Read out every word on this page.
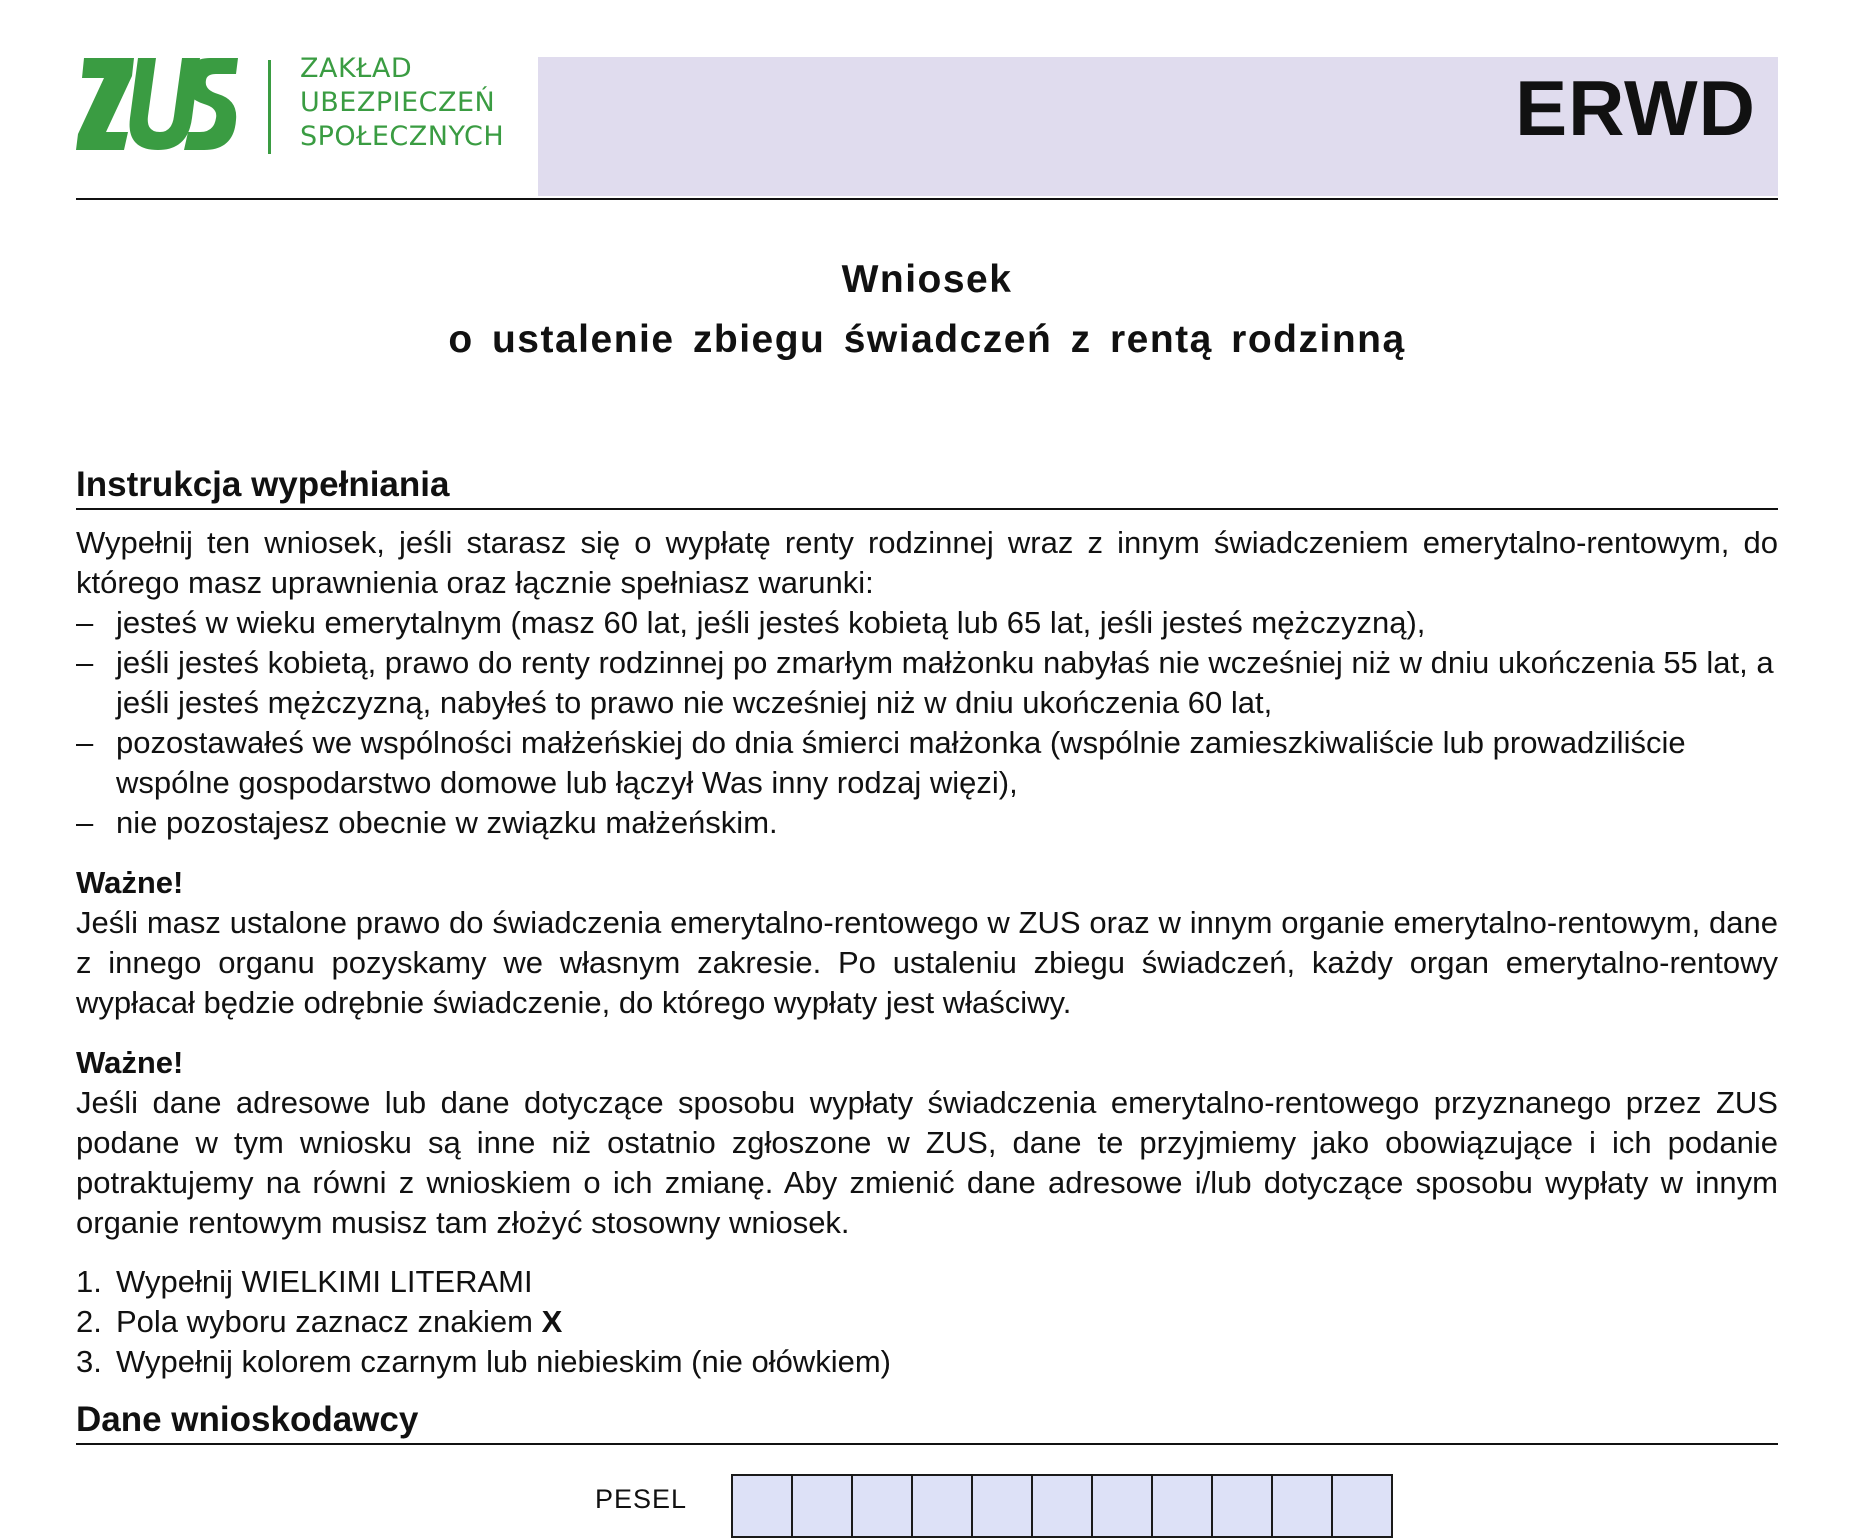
ZAKŁAD
UBEZPIECZEŃ
SPOŁECZNYCH	ERWD
Wniosek
o ustalenie zbiegu świadczeń z rentą rodzinną
Instrukcja wypełniania

Wypełnij ten wniosek, jeśli starasz się o wypłatę renty rodzinnej wraz z innym świadczeniem emerytalno-rentowym, do którego masz uprawnienia oraz łącznie spełniasz warunki:

– jesteś w wieku emerytalnym (masz 60 lat, jeśli jesteś kobietą lub 65 lat, jeśli jesteś mężczyzną),
– jeśli jesteś kobietą, prawo do renty rodzinnej po zmarłym małżonku nabyłaś nie wcześniej niż w dniu ukończenia 55 lat, a jeśli jesteś mężczyzną, nabyłeś to prawo nie wcześniej niż w dniu ukończenia 60 lat,
– pozostawałeś we wspólności małżeńskiej do dnia śmierci małżonka (wspólnie zamieszkiwaliście lub prowadziliście wspólne gospodarstwo domowe lub łączył Was inny rodzaj więzi),
– nie pozostajesz obecnie w związku małżeńskim.

Ważne!

Jeśli masz ustalone prawo do świadczenia emerytalno-rentowego w ZUS oraz w innym organie emerytalno-rentowym, dane z innego organu pozyskamy we własnym zakresie. Po ustaleniu zbiegu świadczeń, każdy organ emerytalno-rentowy wypłacał będzie odrębnie świadczenie, do którego wypłaty jest właściwy.

Ważne!

Jeśli dane adresowe lub dane dotyczące sposobu wypłaty świadczenia emerytalno-rentowego przyznanego przez ZUS podane w tym wniosku są inne niż ostatnio zgłoszone w ZUS, dane te przyjmiemy jako obowiązujące i ich podanie potraktujemy na równi z wnioskiem o ich zmianę. Aby zmienić dane adresowe i/lub dotyczące sposobu wypłaty w innym organie rentowym musisz tam złożyć stosowny wniosek.

1. Wypełnij WIELKIMI LITERAMI
2. Pola wyboru zaznacz znakiem X
3. Wypełnij kolorem czarnym lub niebieskim (nie ołówkiem)
Dane wnioskodawcy
PESEL
